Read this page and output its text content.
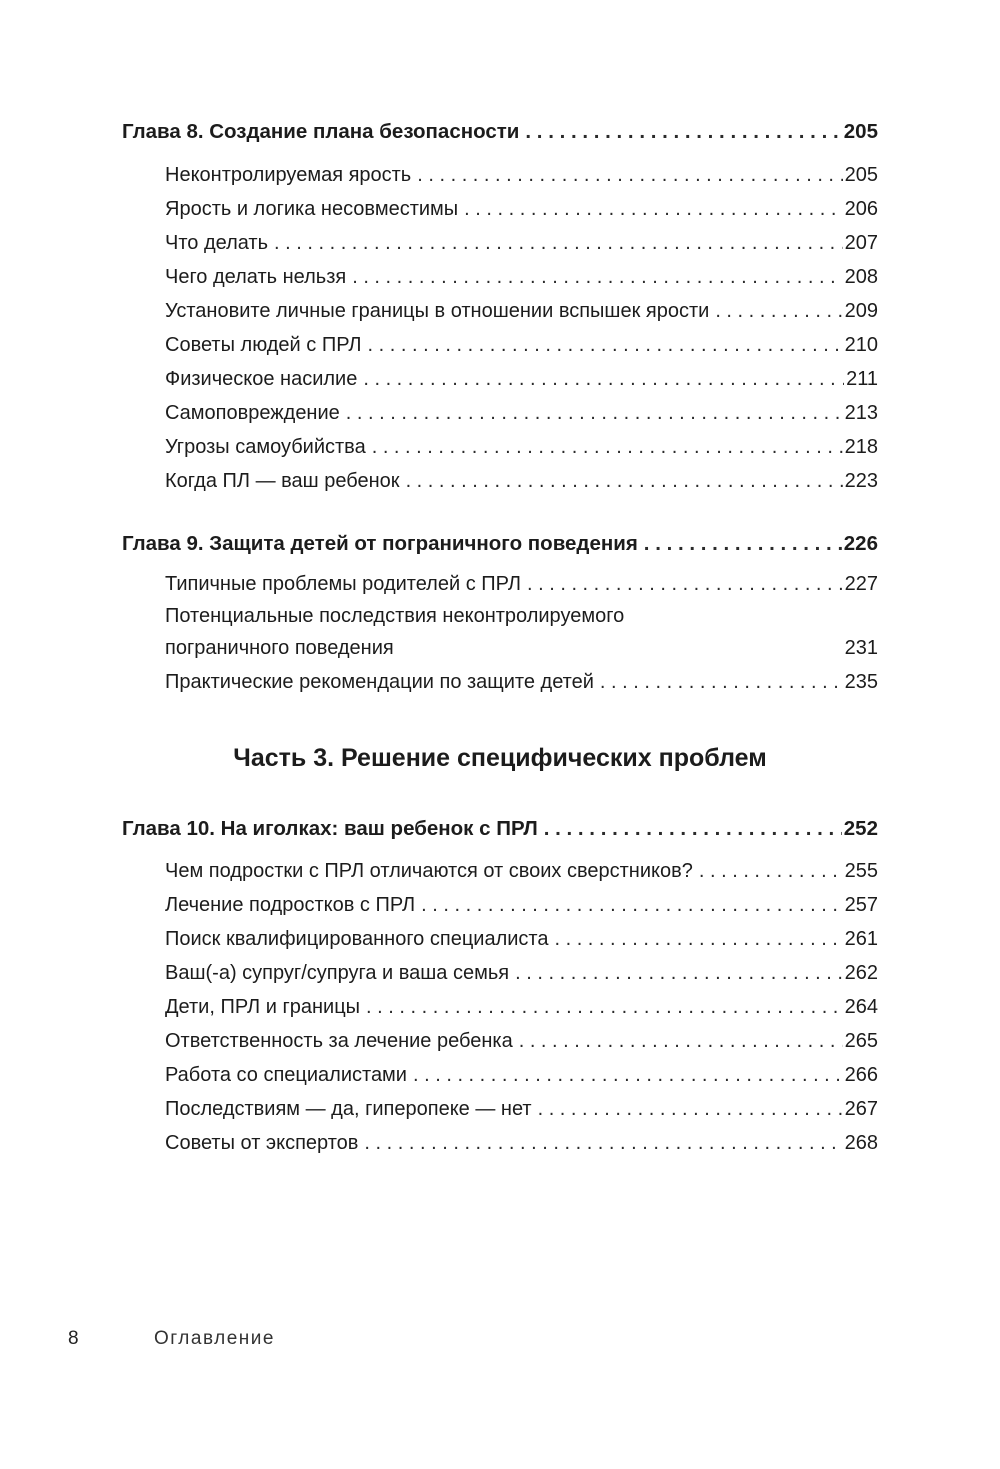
Глава 8. Создание плана безопасности . . .	205
Неконтролируемая ярость . . .	205
Ярость и логика несовместимы . . .	206
Что делать . . .	207
Чего делать нельзя . . .	208
Установите личные границы в отношении вспышек ярости . . .	209
Советы людей с ПРЛ . . .	210
Физическое насилие . . .	211
Самоповреждение . . .	213
Угрозы самоубийства . . .	218
Когда ПЛ — ваш ребенок . . .	223
Глава 9. Защита детей от пограничного поведения . . .	226
Типичные проблемы родителей с ПРЛ . . .	227
Потенциальные последствия неконтролируемого
пограничного поведения	231
Практические рекомендации по защите детей . . .	235
Часть 3. Решение специфических проблем
Глава 10. На иголках: ваш ребенок с ПРЛ . . .	252
Чем подростки с ПРЛ отличаются от своих сверстников? . . .	255
Лечение подростков с ПРЛ . . .	257
Поиск квалифицированного специалиста . . .	261
Ваш(-а) супруг/супруга и ваша семья . . .	262
Дети, ПРЛ и границы . . .	264
Ответственность за лечение ребенка . . .	265
Работа со специалистами . . .	266
Последствиям — да, гиперопеке — нет . . .	267
Советы от экспертов . . .	268
8	Оглавление
